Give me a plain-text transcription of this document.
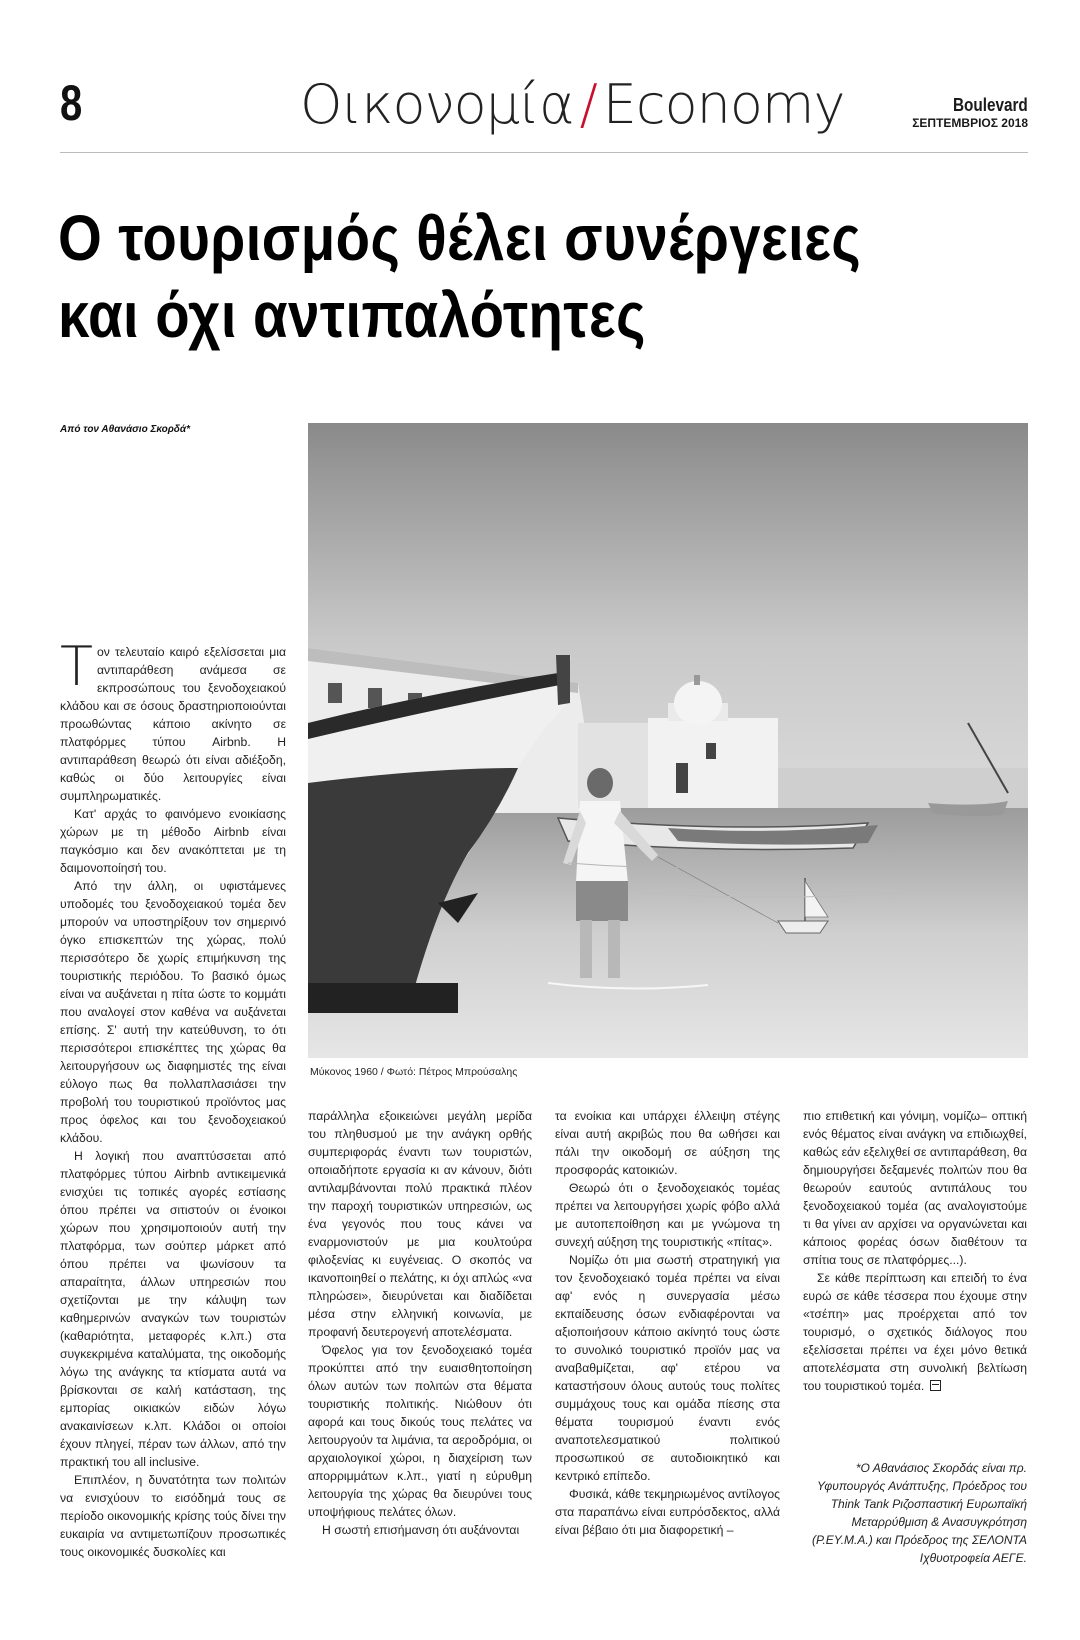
8	Οικονομία / Economy	Boulevard
ΣΕΠΤΕΜΒΡΙΟΣ 2018
Ο τουρισμός θέλει συνέργειες
και όχι αντιπαλότητες
Από τον Αθανάσιο Σκορδά*
Μύκονος 1960 / Φωτό: Πέτρος Μπρούσαλης

Τον τελευταίο καιρό εξελίσσεται μια αντιπαράθεση ανάμεσα σε εκπροσώπους του ξενοδοχειακού κλάδου και σε όσους δραστηριοποιούνται προωθώντας κάποιο ακίνητο σε πλατφόρμες τύπου Airbnb. Η αντιπαράθεση θεωρώ ότι είναι αδιέξοδη, καθώς οι δύο λειτουργίες είναι συμπληρωματικές.

Κατ' αρχάς το φαινόμενο ενοικίασης χώρων με τη μέθοδο Airbnb είναι παγκόσμιο και δεν ανακόπτεται με τη δαιμονοποίησή του.

Από την άλλη, οι υφιστάμενες υποδομές του ξενοδοχειακού τομέα δεν μπορούν να υποστηρίξουν τον σημερινό όγκο επισκεπτών της χώρας, πολύ περισσότερο δε χωρίς επιμήκυνση της τουριστικής περιόδου. Το βασικό όμως είναι να αυξάνεται η πίτα ώστε το κομμάτι που αναλογεί στον καθένα να αυξάνεται επίσης. Σ' αυτή την κατεύθυνση, το ότι περισσότεροι επισκέπτες της χώρας θα λειτουργήσουν ως διαφημιστές της είναι εύλογο πως θα πολλαπλασιάσει την προβολή του τουριστικού προϊόντος μας προς όφελος και του ξενοδοχειακού κλάδου.

Η λογική που αναπτύσσεται από πλατφόρμες τύπου Airbnb αντικειμενικά ενισχύει τις τοπικές αγορές εστίασης όπου πρέπει να σιτιστούν οι ένοικοι χώρων που χρησιμοποιούν αυτή την πλατφόρμα, των σούπερ μάρκετ από όπου πρέπει να ψωνίσουν τα απαραίτητα, άλλων υπηρεσιών που σχετίζονται με την κάλυψη των καθημερινών αναγκών των τουριστών (καθαριότητα, μεταφορές κ.λπ.) στα συγκεκριμένα καταλύματα, της οικοδομής λόγω της ανάγκης τα κτίσματα αυτά να βρίσκονται σε καλή κατάσταση, της εμπορίας οικιακών ειδών λόγω ανακαινίσεων κ.λπ. Κλάδοι οι οποίοι έχουν πληγεί, πέραν των άλλων, από την πρακτική του all inclusive.

Επιπλέον, η δυνατότητα των πολιτών να ενισχύουν το εισόδημά τους σε περίοδο οικονομικής κρίσης τούς δίνει την ευκαιρία να αντιμετωπίζουν προσωπικές τους οικονομικές δυσκολίες και

παράλληλα εξοικειώνει μεγάλη μερίδα του πληθυσμού με την ανάγκη ορθής συμπεριφοράς έναντι των τουριστών, οποιαδήποτε εργασία κι αν κάνουν, διότι αντιλαμβάνονται πολύ πρακτικά πλέον την παροχή τουριστικών υπηρεσιών, ως ένα γεγονός που τους κάνει να εναρμονιστούν με μια κουλτούρα φιλοξενίας κι ευγένειας. Ο σκοπός να ικανοποιηθεί ο πελάτης, κι όχι απλώς «να πληρώσει», διευρύνεται και διαδίδεται μέσα στην ελληνική κοινωνία, με προφανή δευτερογενή αποτελέσματα.

Όφελος για τον ξενοδοχειακό τομέα προκύπτει από την ευαισθητοποίηση όλων αυτών των πολιτών στα θέματα τουριστικής πολιτικής. Νιώθουν ότι αφορά και τους δικούς τους πελάτες να λειτουργούν τα λιμάνια, τα αεροδρόμια, οι αρχαιολογικοί χώροι, η διαχείριση των απορριμμάτων κ.λπ., γιατί η εύρυθμη λειτουργία της χώρας θα διευρύνει τους υποψήφιους πελάτες όλων.

Η σωστή επισήμανση ότι αυξάνονται

τα ενοίκια και υπάρχει έλλειψη στέγης είναι αυτή ακριβώς που θα ωθήσει και πάλι την οικοδομή σε αύξηση της προσφοράς κατοικιών.

Θεωρώ ότι ο ξενοδοχειακός τομέας πρέπει να λειτουργήσει χωρίς φόβο αλλά με αυτοπεποίθηση και με γνώμονα τη συνεχή αύξηση της τουριστικής «πίτας».

Νομίζω ότι μια σωστή στρατηγική για τον ξενοδοχειακό τομέα πρέπει να είναι αφ' ενός η συνεργασία μέσω εκπαίδευσης όσων ενδιαφέρονται να αξιοποιήσουν κάποιο ακίνητό τους ώστε το συνολικό τουριστικό προϊόν μας να αναβαθμίζεται, αφ' ετέρου να καταστήσουν όλους αυτούς τους πολίτες συμμάχους τους και ομάδα πίεσης στα θέματα τουρισμού έναντι ενός αναποτελεσματικού πολιτικού προσωπικού σε αυτοδιοικητικό και κεντρικό επίπεδο.

Φυσικά, κάθε τεκμηριωμένος αντίλογος στα παραπάνω είναι ευπρόσδεκτος, αλλά είναι βέβαιο ότι μια διαφορετική –

πιο επιθετική και γόνιμη, νομίζω– οπτική ενός θέματος είναι ανάγκη να επιδιωχθεί, καθώς εάν εξελιχθεί σε αντιπαράθεση, θα δημιουργήσει δεξαμενές πολιτών που θα θεωρούν εαυτούς αντιπάλους του ξενοδοχειακού τομέα (ας αναλογιστούμε τι θα γίνει αν αρχίσει να οργανώνεται και κάποιος φορέας όσων διαθέτουν τα σπίτια τους σε πλατφόρμες...).

Σε κάθε περίπτωση και επειδή το ένα ευρώ σε κάθε τέσσερα που έχουμε στην «τσέπη» μας προέρχεται από τον τουρισμό, ο σχετικός διάλογος που εξελίσσεται πρέπει να έχει μόνο θετικά αποτελέσματα στη συνολική βελτίωση του τουριστικού τομέα.

*Ο Αθανάσιος Σκορδάς είναι πρ. Υφυπουργός Ανάπτυξης, Πρόεδρος του Think Tank Ριζοσπαστική Ευρωπαϊκή Μεταρρύθμιση & Ανασυγκρότηση (Ρ.ΕΥ.Μ.Α.) και Πρόεδρος της ΣΕΛΟΝΤΑ Ιχθυοτροφεία ΑΕΓΕ.
